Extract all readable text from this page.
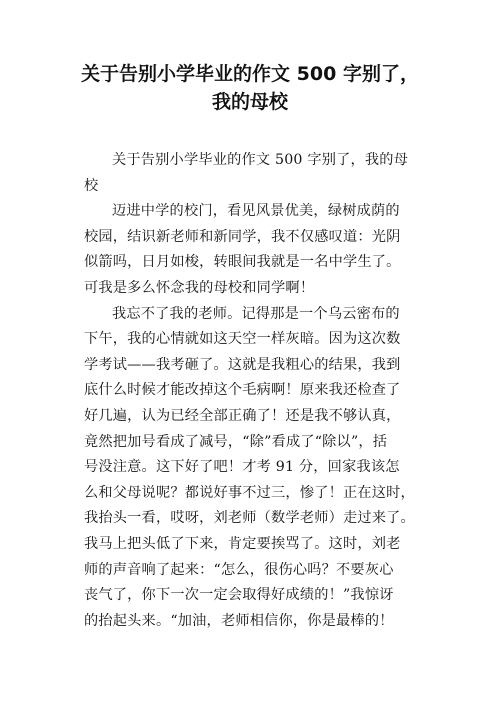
关于告别小学毕业的作文 500 字别了，
我的母校
关于告别小学毕业的作文 500 字别了，我的母
校
迈进中学的校门，看见风景优美，绿树成荫的
校园，结识新老师和新同学，我不仅感叹道：光阴
似箭吗，日月如梭，转眼间我就是一名中学生了。
可我是多么怀念我的母校和同学啊！
我忘不了我的老师。记得那是一个乌云密布的
下午，我的心情就如这天空一样灰暗。因为这次数
学考试——我考砸了。这就是我粗心的结果，我到
底什么时候才能改掉这个毛病啊！原来我还检查了
好几遍，认为已经全部正确了！还是我不够认真，
竟然把加号看成了减号，“除”看成了“除以”，括
号没注意。这下好了吧！才考 91 分，回家我该怎
么和父母说呢？都说好事不过三，惨了！正在这时，
我抬头一看，哎呀，刘老师（数学老师）走过来了。
我马上把头低了下来，肯定要挨骂了。这时，刘老
师的声音响了起来：“怎么，很伤心吗？不要灰心
丧气了，你下一次一定会取得好成绩的！”我惊讶
的抬起头来。“加油，老师相信你，你是最棒的！
